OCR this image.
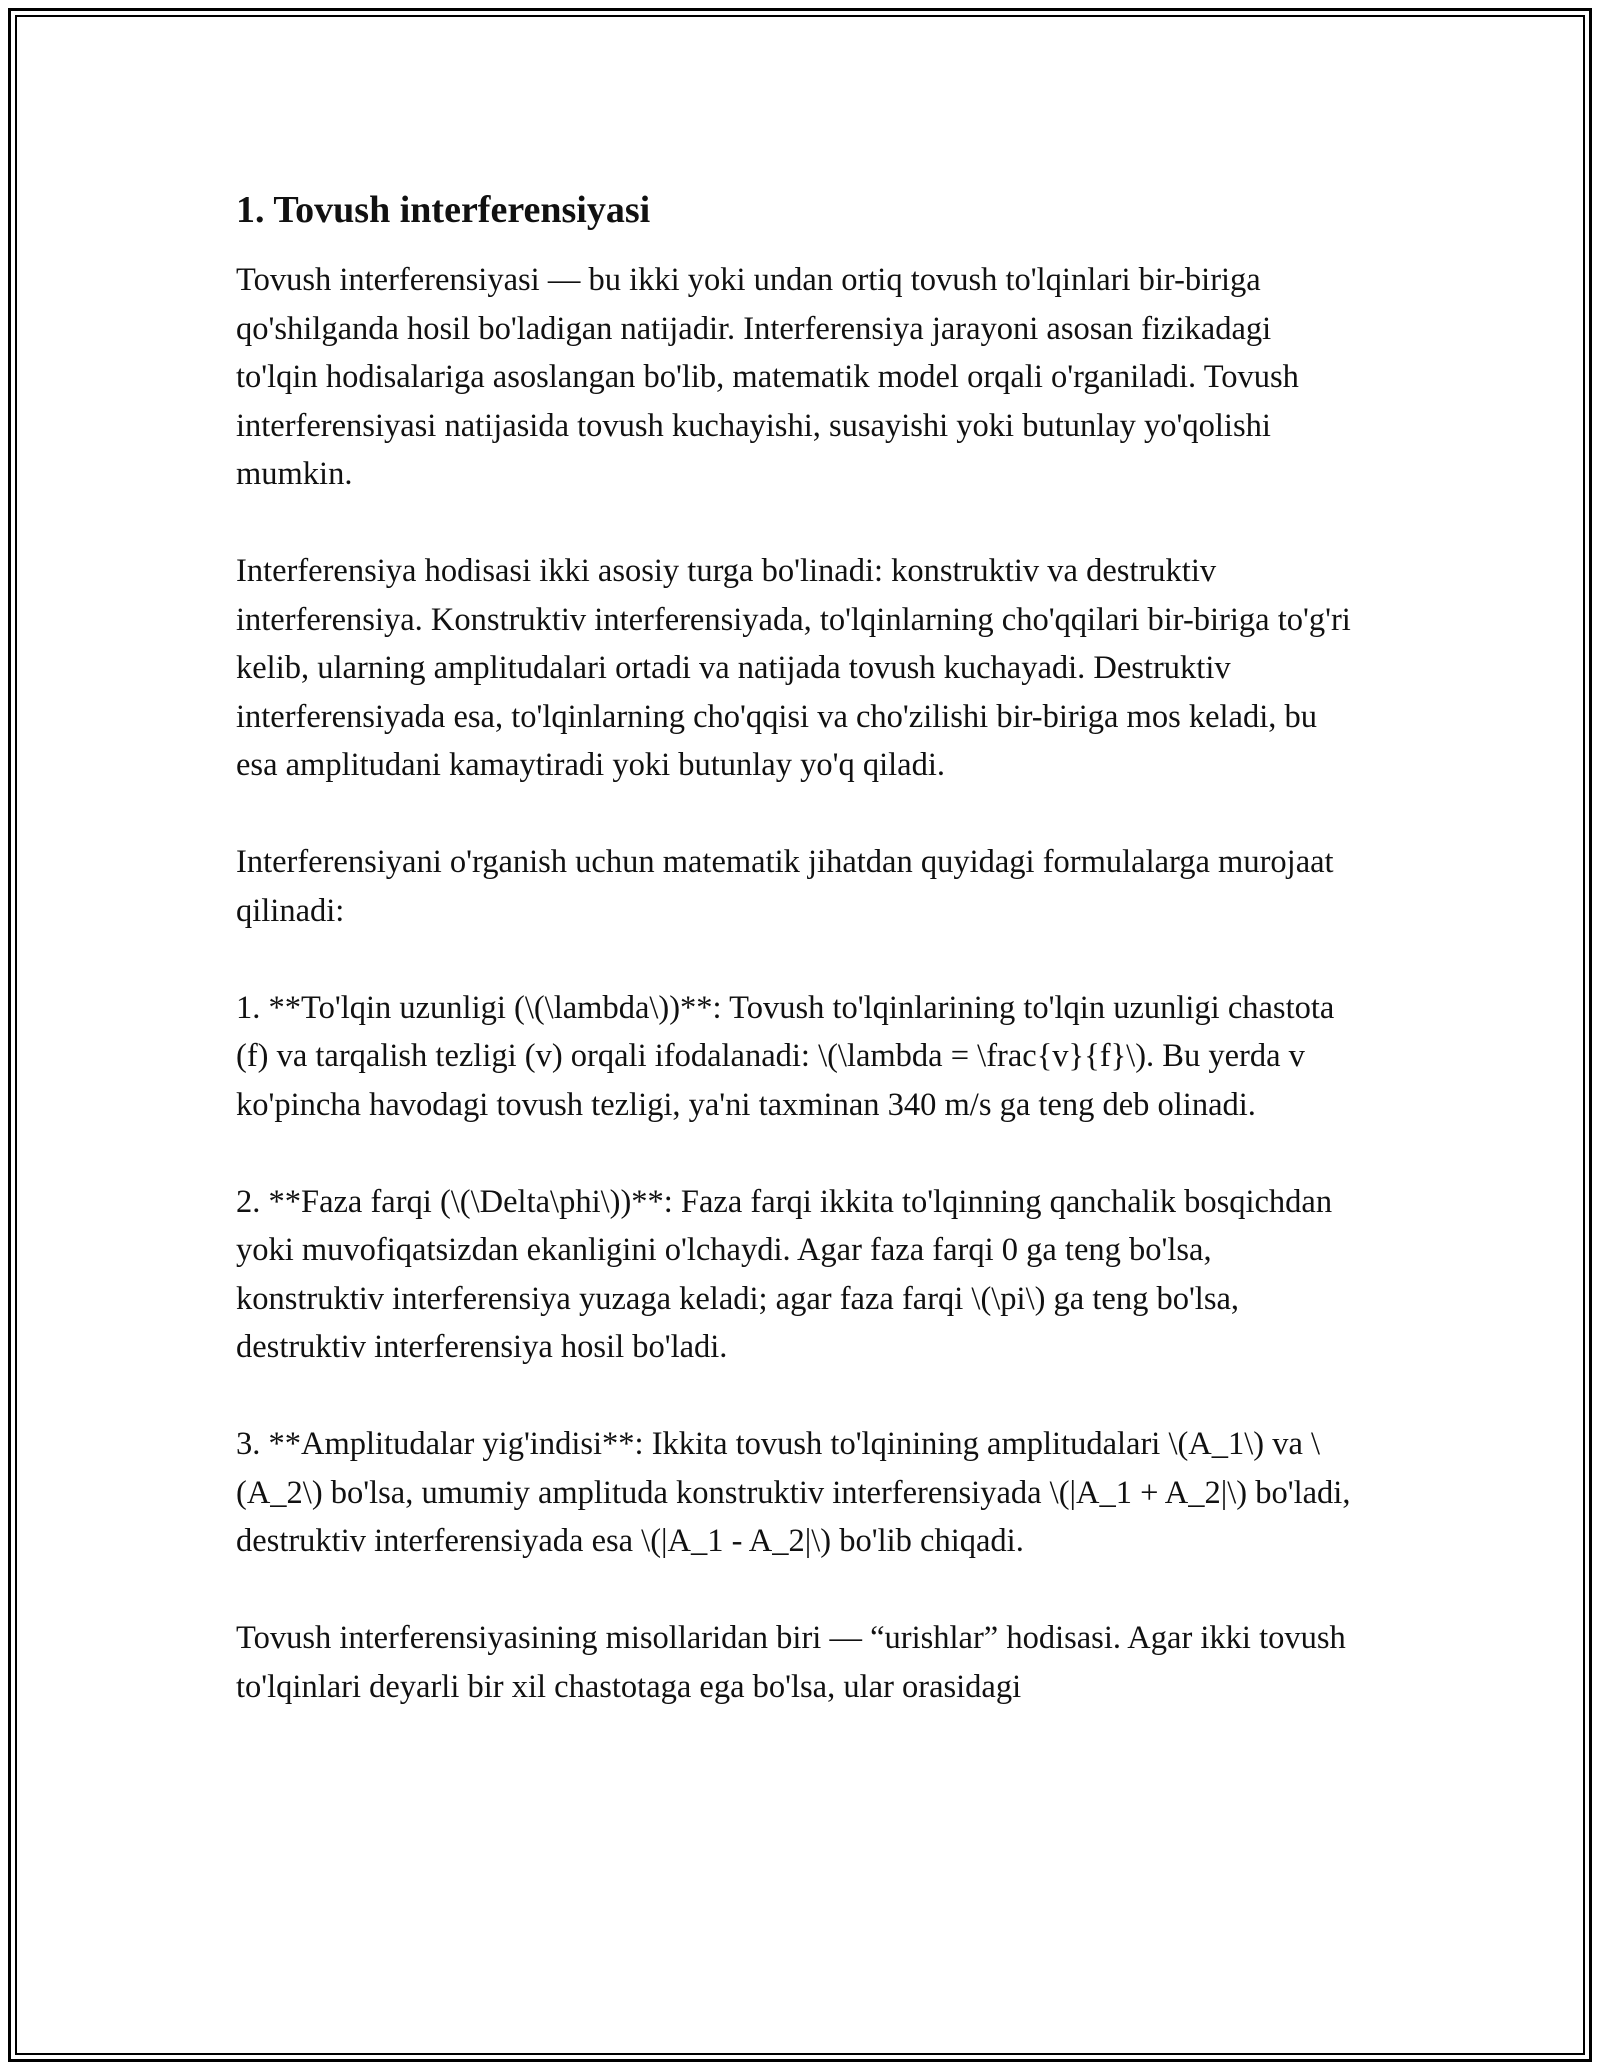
1. Tovush interferensiyasi

Tovush interferensiyasi — bu ikki yoki undan ortiq tovush to'lqinlari bir-biriga qo'shilganda hosil bo'ladigan natijadir. Interferensiya jarayoni asosan fizikadagi to'lqin hodisalariga asoslangan bo'lib, matematik model orqali o'rganiladi. Tovush interferensiyasi natijasida tovush kuchayishi, susayishi yoki butunlay yo'qolishi mumkin.

Interferensiya hodisasi ikki asosiy turga bo'linadi: konstruktiv va destruktiv interferensiya. Konstruktiv interferensiyada, to'lqinlarning cho'qqilari bir-biriga to'g'ri kelib, ularning amplitudalari ortadi va natijada tovush kuchayadi. Destruktiv interferensiyada esa, to'lqinlarning cho'qqisi va cho'zilishi bir-biriga mos keladi, bu esa amplitudani kamaytiradi yoki butunlay yo'q qiladi.

Interferensiyani o'rganish uchun matematik jihatdan quyidagi formulalarga murojaat qilinadi:

1. **To'lqin uzunligi (\(\lambda\))**: Tovush to'lqinlarining to'lqin uzunligi chastota (f) va tarqalish tezligi (v) orqali ifodalanadi: \(\lambda = \frac{v}{f}\). Bu yerda v ko'pincha havodagi tovush tezligi, ya'ni taxminan 340 m/s ga teng deb olinadi.

2. **Faza farqi (\(\Delta\phi\))**: Faza farqi ikkita to'lqinning qanchalik bosqichdan yoki muvofiqatsizdan ekanligini o'lchaydi. Agar faza farqi 0 ga teng bo'lsa, konstruktiv interferensiya yuzaga keladi; agar faza farqi \(\pi\) ga teng bo'lsa, destruktiv interferensiya hosil bo'ladi.

3. **Amplitudalar yig'indisi**: Ikkita tovush to'lqinining amplitudalari \(A_1\) va \(A_2\) bo'lsa, umumiy amplituda konstruktiv interferensiyada \(|A_1 + A_2|\) bo'ladi, destruktiv interferensiyada esa \(|A_1 - A_2|\) bo'lib chiqadi.

Tovush interferensiyasining misollaridan biri — “urishlar” hodisasi. Agar ikki tovush to'lqinlari deyarli bir xil chastotaga ega bo'lsa, ular orasidagi
